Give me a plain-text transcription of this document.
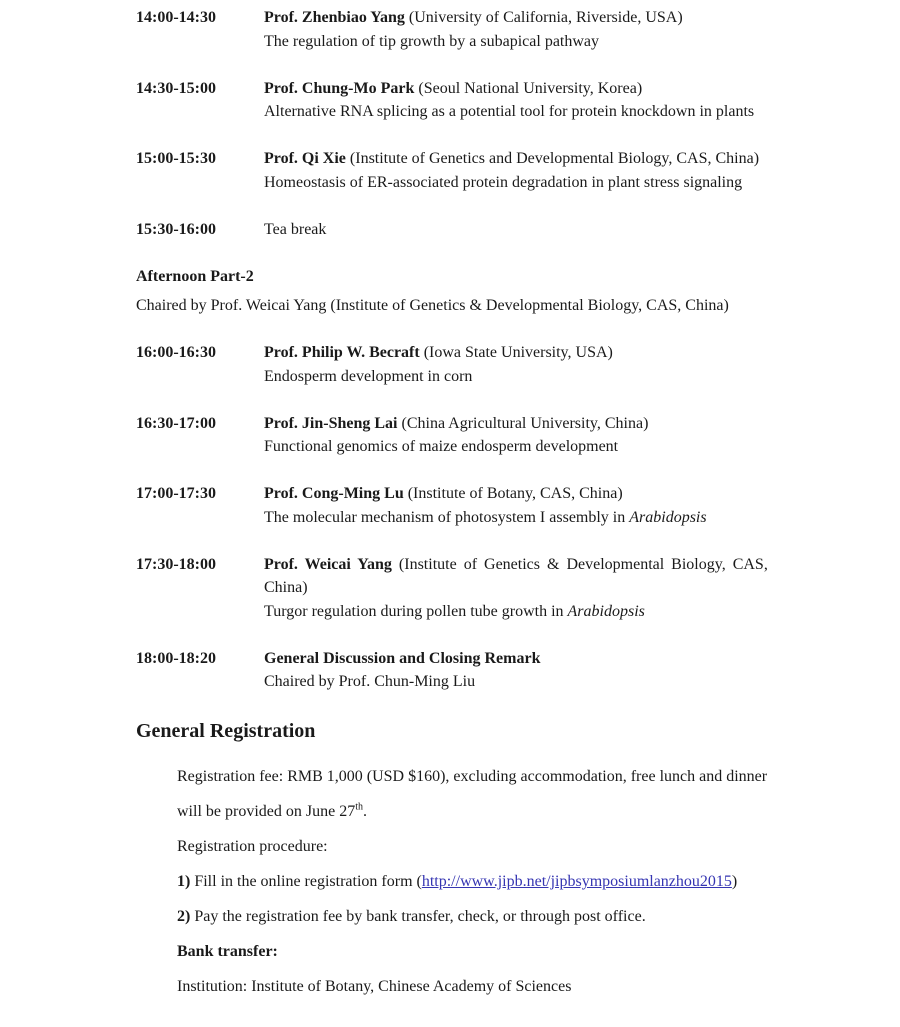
14:00-14:30	Prof. Zhenbiao Yang (University of California, Riverside, USA)
The regulation of tip growth by a subapical pathway
14:30-15:00	Prof. Chung-Mo Park (Seoul National University, Korea)
Alternative RNA splicing as a potential tool for protein knockdown in plants
15:00-15:30	Prof. Qi Xie (Institute of Genetics and Developmental Biology, CAS, China)
Homeostasis of ER-associated protein degradation in plant stress signaling
15:30-16:00	Tea break
Afternoon Part-2
Chaired by Prof. Weicai Yang (Institute of Genetics & Developmental Biology, CAS, China)
16:00-16:30	Prof. Philip W. Becraft (Iowa State University, USA)
Endosperm development in corn
16:30-17:00	Prof. Jin-Sheng Lai (China Agricultural University, China)
Functional genomics of maize endosperm development
17:00-17:30	Prof. Cong-Ming Lu (Institute of Botany, CAS, China)
The molecular mechanism of photosystem I assembly in Arabidopsis
17:30-18:00	Prof. Weicai Yang (Institute of Genetics & Developmental Biology, CAS,
China)
Turgor regulation during pollen tube growth in Arabidopsis
18:00-18:20	General Discussion and Closing Remark
Chaired by Prof. Chun-Ming Liu
General Registration
Registration fee: RMB 1,000 (USD $160), excluding accommodation, free lunch and dinner
will be provided on June 27th.
Registration procedure:
1) Fill in the online registration form (http://www.jipb.net/jipbsymposiumlanzhou2015)
2) Pay the registration fee by bank transfer, check, or through post office.
Bank transfer:
Institution: Institute of Botany, Chinese Academy of Sciences
